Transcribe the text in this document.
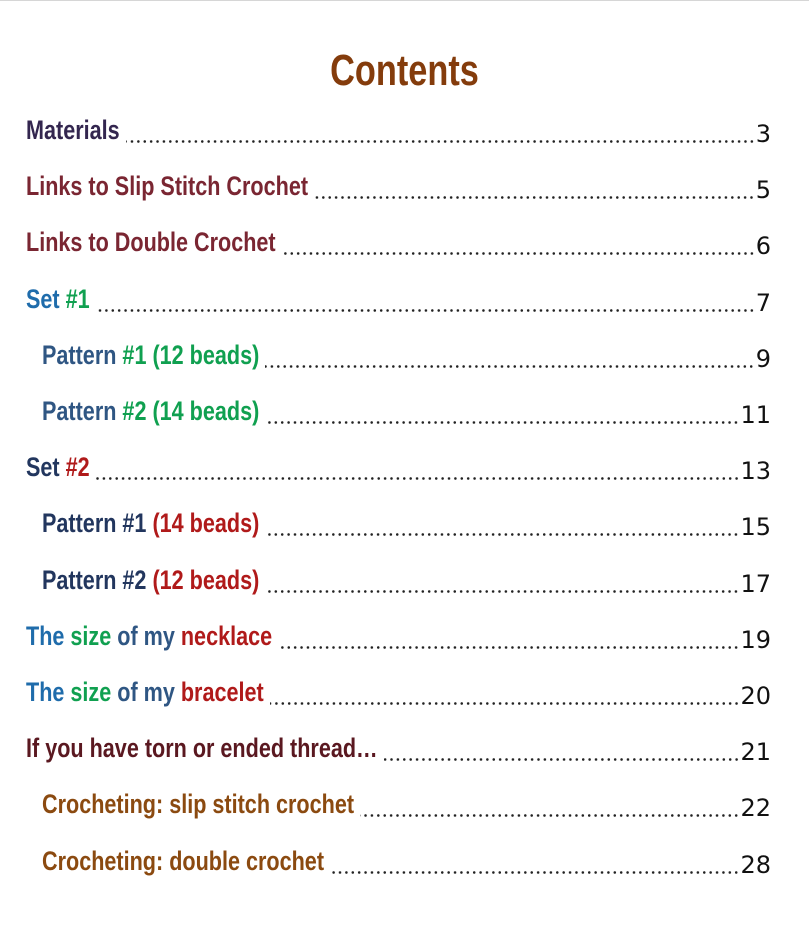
Contents
Materials	3
Links to Slip Stitch Crochet	5
Links to Double Crochet	6
Set #1	7
Pattern #1 (12 beads)	9
Pattern #2 (14 beads)	11
Set #2	13
Pattern #1 (14 beads)	15
Pattern #2 (12 beads)	17
The size of my necklace	19
The size of my bracelet	20
If you have torn or ended thread…	21
Crocheting: slip stitch crochet	22
Crocheting: double crochet	28
